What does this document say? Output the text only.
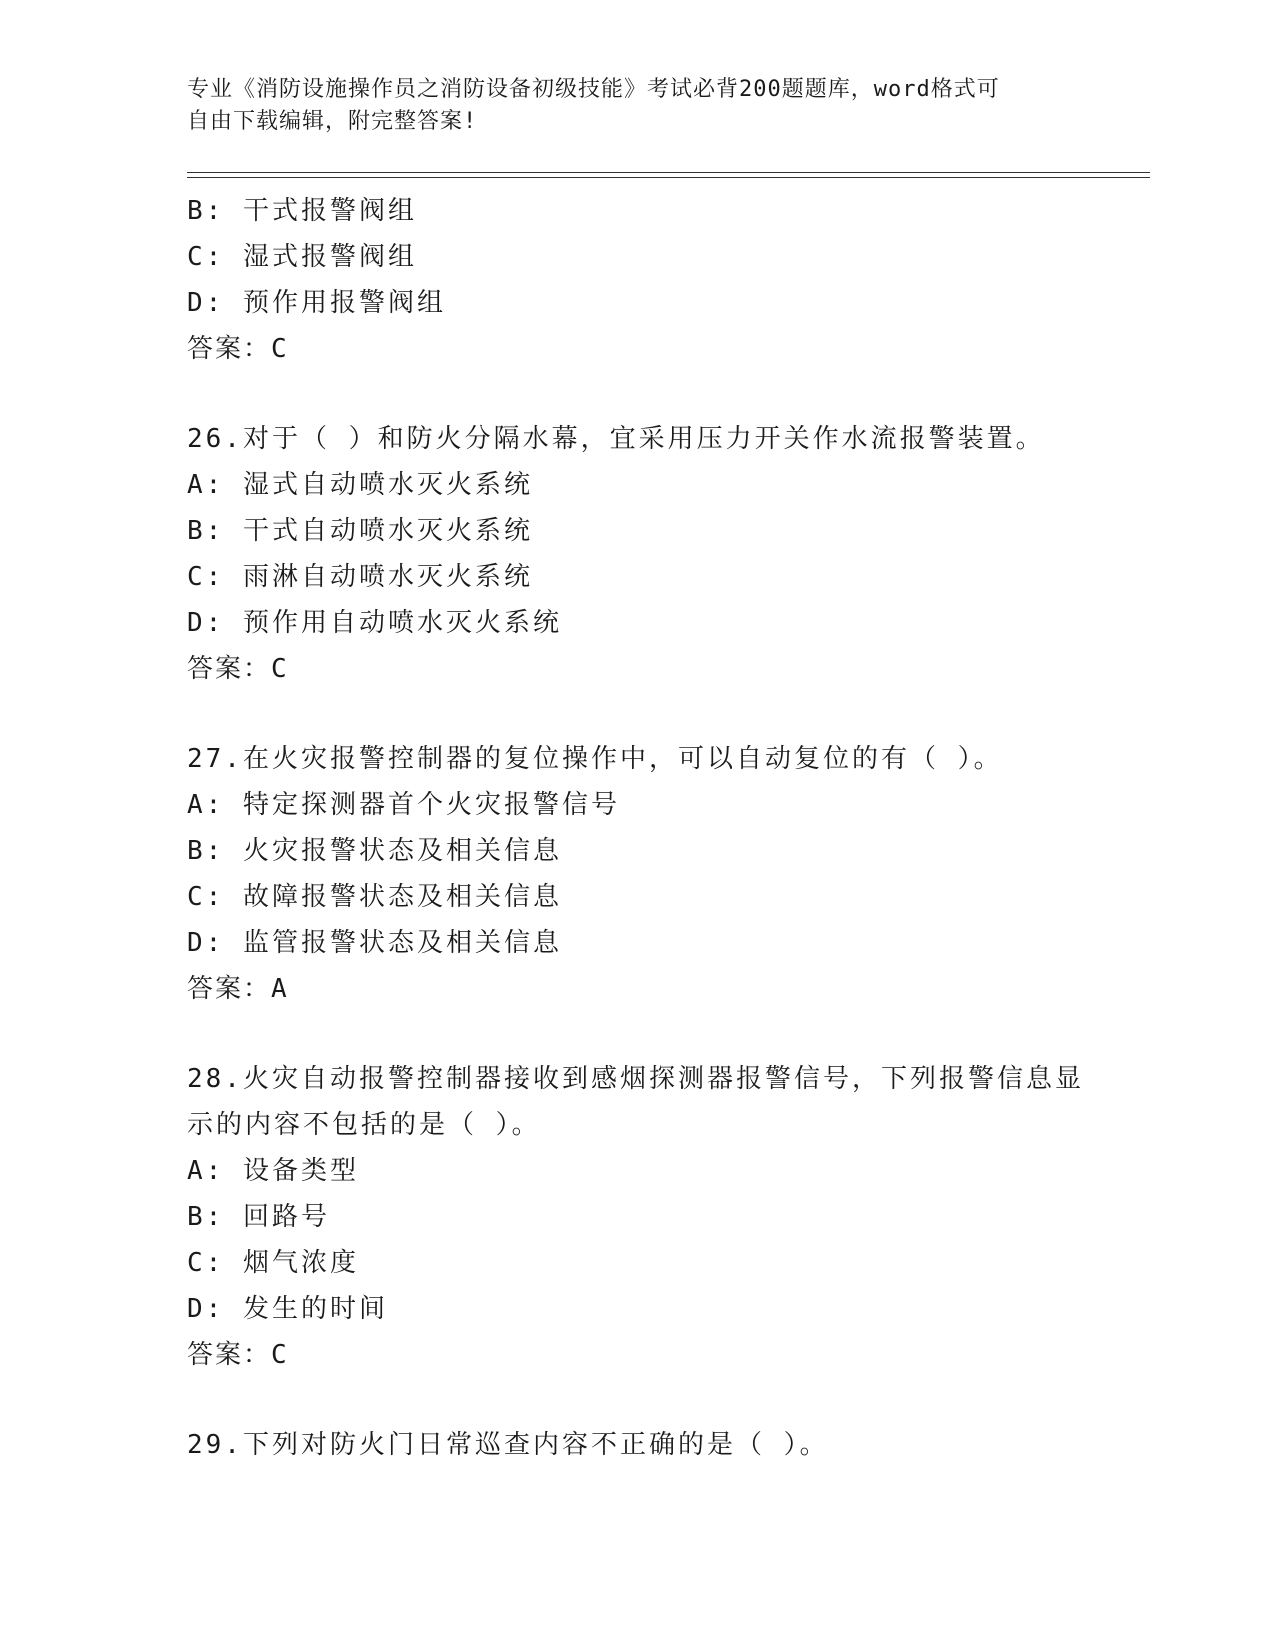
专业《消防设施操作员之消防设备初级技能》考试必背200题题库，word格式可
自由下载编辑，附完整答案!
B: 干式报警阀组
C: 湿式报警阀组
D: 预作用报警阀组
答案：C
26.对于（ ）和防火分隔水幕，宜采用压力开关作水流报警装置。
A: 湿式自动喷水灭火系统
B: 干式自动喷水灭火系统
C: 雨淋自动喷水灭火系统
D: 预作用自动喷水灭火系统
答案：C
27.在火灾报警控制器的复位操作中，可以自动复位的有（ ）。
A: 特定探测器首个火灾报警信号
B: 火灾报警状态及相关信息
C: 故障报警状态及相关信息
D: 监管报警状态及相关信息
答案：A
28.火灾自动报警控制器接收到感烟探测器报警信号，下列报警信息显
示的内容不包括的是（ ）。
A: 设备类型
B: 回路号
C: 烟气浓度
D: 发生的时间
答案：C
29.下列对防火门日常巡查内容不正确的是（ ）。
